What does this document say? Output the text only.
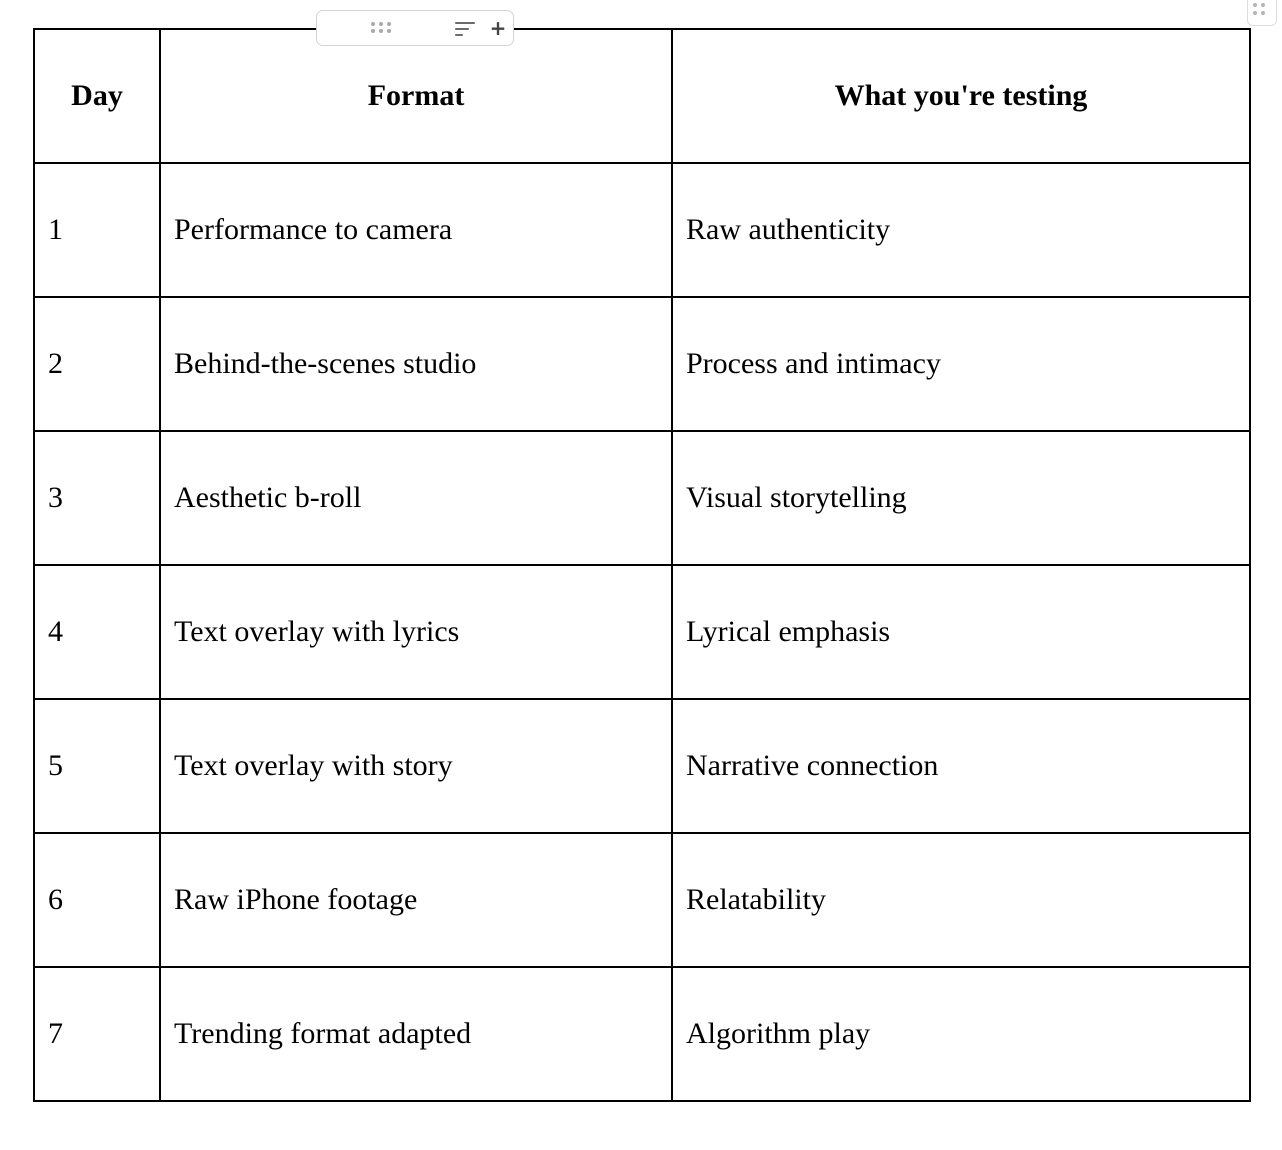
+
Day	Format	What you're testing
1	Performance to camera	Raw authenticity
2	Behind-the-scenes studio	Process and intimacy
3	Aesthetic b-roll	Visual storytelling
4	Text overlay with lyrics	Lyrical emphasis
5	Text overlay with story	Narrative connection
6	Raw iPhone footage	Relatability
7	Trending format adapted	Algorithm play
